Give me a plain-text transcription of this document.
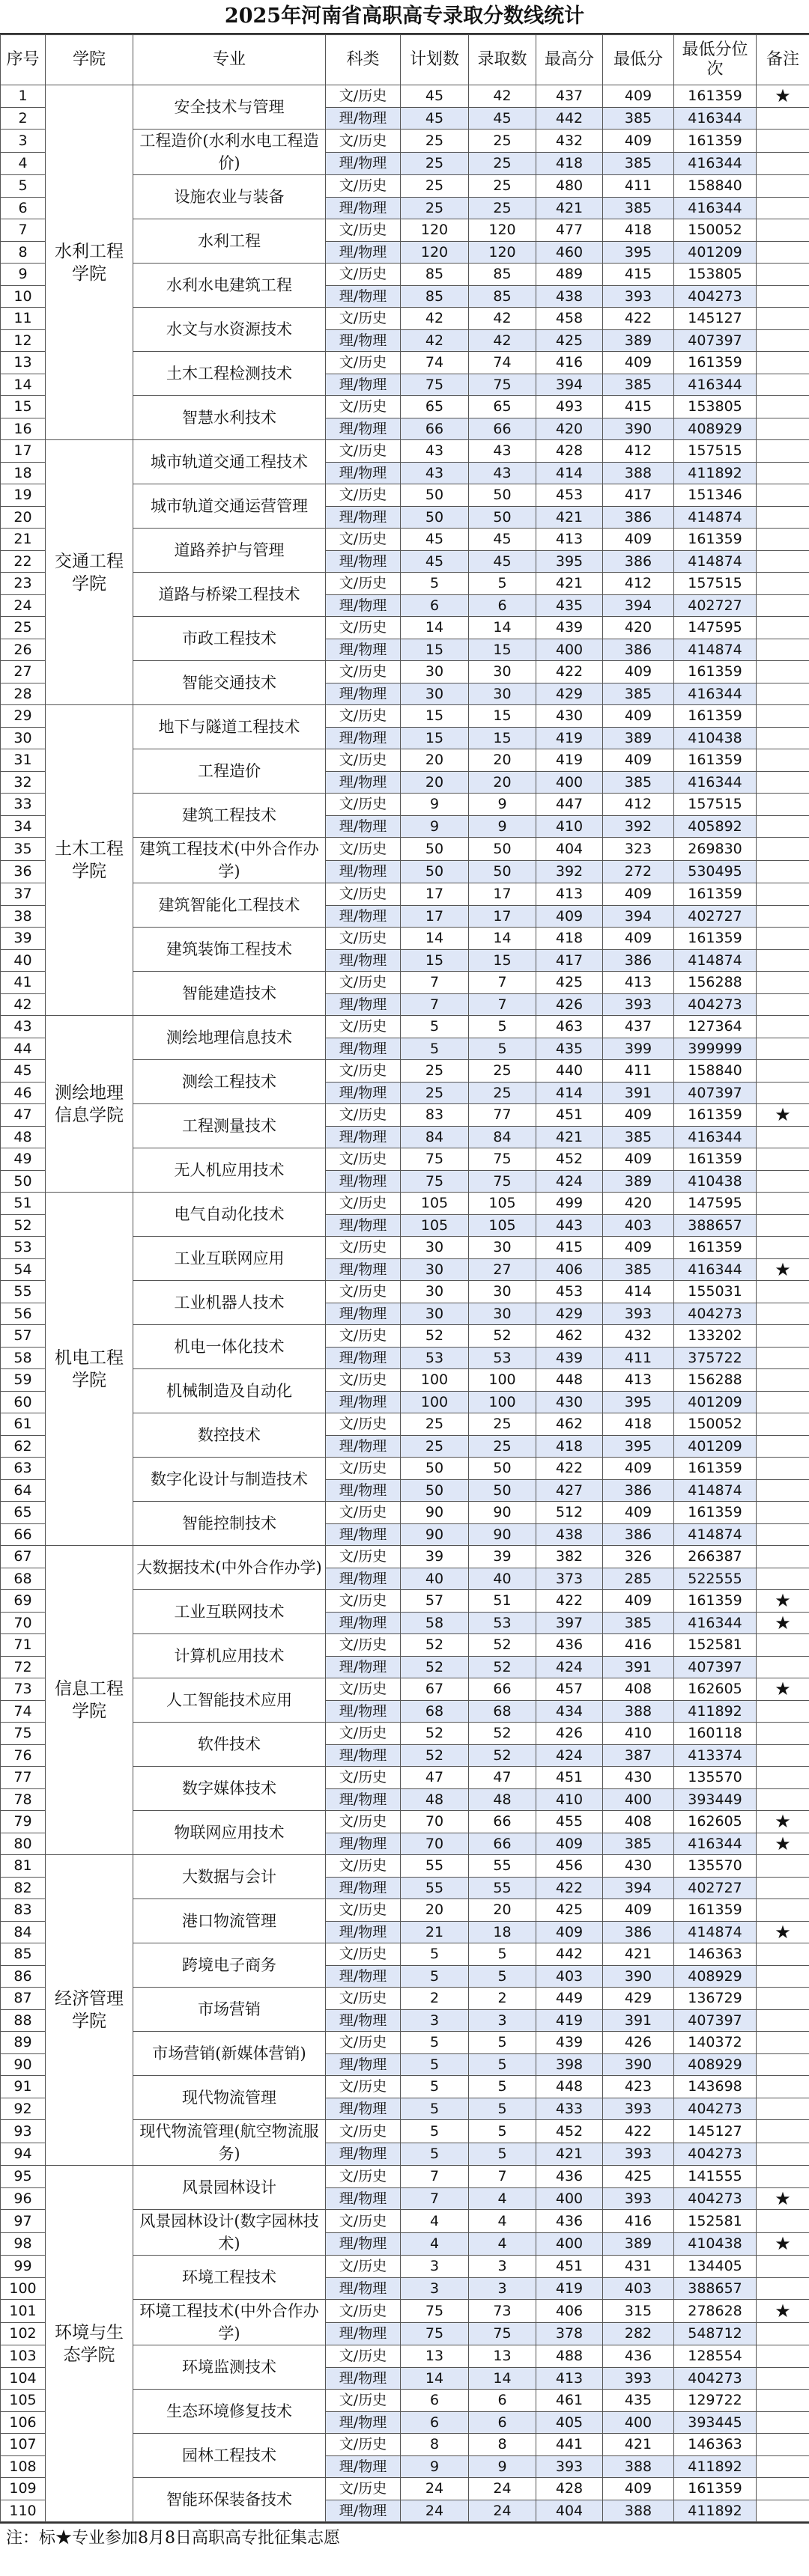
2025年河南省高职高专录取分数线统计
序号	学院	专业	科类	计划数	录取数	最高分	最低分	最低分位次	备注
1	水利工程学院	安全技术与管理	文/历史	45	42	437	409	161359	★
2			理/物理	45	45	442	385	416344	
3		工程造价(水利水电工程造价)	文/历史	25	25	432	409	161359	
4			理/物理	25	25	418	385	416344	
5		设施农业与装备	文/历史	25	25	480	411	158840	
6			理/物理	25	25	421	385	416344	
7		水利工程	文/历史	120	120	477	418	150052	
8			理/物理	120	120	460	395	401209	
9		水利水电建筑工程	文/历史	85	85	489	415	153805	
10			理/物理	85	85	438	393	404273	
11		水文与水资源技术	文/历史	42	42	458	422	145127	
12			理/物理	42	42	425	389	407397	
13		土木工程检测技术	文/历史	74	74	416	409	161359	
14			理/物理	75	75	394	385	416344	
15		智慧水利技术	文/历史	65	65	493	415	153805	
16			理/物理	66	66	420	390	408929	
17	交通工程学院	城市轨道交通工程技术	文/历史	43	43	428	412	157515	
18			理/物理	43	43	414	388	411892	
19		城市轨道交通运营管理	文/历史	50	50	453	417	151346	
20			理/物理	50	50	421	386	414874	
21		道路养护与管理	文/历史	45	45	413	409	161359	
22			理/物理	45	45	395	386	414874	
23		道路与桥梁工程技术	文/历史	5	5	421	412	157515	
24			理/物理	6	6	435	394	402727	
25		市政工程技术	文/历史	14	14	439	420	147595	
26			理/物理	15	15	400	386	414874	
27		智能交通技术	文/历史	30	30	422	409	161359	
28			理/物理	30	30	429	385	416344	
29	土木工程学院	地下与隧道工程技术	文/历史	15	15	430	409	161359	
30			理/物理	15	15	419	389	410438	
31		工程造价	文/历史	20	20	419	409	161359	
32			理/物理	20	20	400	385	416344	
33		建筑工程技术	文/历史	9	9	447	412	157515	
34			理/物理	9	9	410	392	405892	
35		建筑工程技术(中外合作办学)	文/历史	50	50	404	323	269830	
36			理/物理	50	50	392	272	530495	
37		建筑智能化工程技术	文/历史	17	17	413	409	161359	
38			理/物理	17	17	409	394	402727	
39		建筑装饰工程技术	文/历史	14	14	418	409	161359	
40			理/物理	15	15	417	386	414874	
41		智能建造技术	文/历史	7	7	425	413	156288	
42			理/物理	7	7	426	393	404273	
43	测绘地理信息学院	测绘地理信息技术	文/历史	5	5	463	437	127364	
44			理/物理	5	5	435	399	399999	
45		测绘工程技术	文/历史	25	25	440	411	158840	
46			理/物理	25	25	414	391	407397	
47		工程测量技术	文/历史	83	77	451	409	161359	★
48			理/物理	84	84	421	385	416344	
49		无人机应用技术	文/历史	75	75	452	409	161359	
50			理/物理	75	75	424	389	410438	
51	机电工程学院	电气自动化技术	文/历史	105	105	499	420	147595	
52			理/物理	105	105	443	403	388657	
53		工业互联网应用	文/历史	30	30	415	409	161359	
54			理/物理	30	27	406	385	416344	★
55		工业机器人技术	文/历史	30	30	453	414	155031	
56			理/物理	30	30	429	393	404273	
57		机电一体化技术	文/历史	52	52	462	432	133202	
58			理/物理	53	53	439	411	375722	
59		机械制造及自动化	文/历史	100	100	448	413	156288	
60			理/物理	100	100	430	395	401209	
61		数控技术	文/历史	25	25	462	418	150052	
62			理/物理	25	25	418	395	401209	
63		数字化设计与制造技术	文/历史	50	50	422	409	161359	
64			理/物理	50	50	427	386	414874	
65		智能控制技术	文/历史	90	90	512	409	161359	
66			理/物理	90	90	438	386	414874	
67	信息工程学院	大数据技术(中外合作办学)	文/历史	39	39	382	326	266387	
68			理/物理	40	40	373	285	522555	
69		工业互联网技术	文/历史	57	51	422	409	161359	★
70			理/物理	58	53	397	385	416344	★
71		计算机应用技术	文/历史	52	52	436	416	152581	
72			理/物理	52	52	424	391	407397	
73		人工智能技术应用	文/历史	67	66	457	408	162605	★
74			理/物理	68	68	434	388	411892	
75		软件技术	文/历史	52	52	426	410	160118	
76			理/物理	52	52	424	387	413374	
77		数字媒体技术	文/历史	47	47	451	430	135570	
78			理/物理	48	48	410	400	393449	
79		物联网应用技术	文/历史	70	66	455	408	162605	★
80			理/物理	70	66	409	385	416344	★
81	经济管理学院	大数据与会计	文/历史	55	55	456	430	135570	
82			理/物理	55	55	422	394	402727	
83		港口物流管理	文/历史	20	20	425	409	161359	
84			理/物理	21	18	409	386	414874	★
85		跨境电子商务	文/历史	5	5	442	421	146363	
86			理/物理	5	5	403	390	408929	
87		市场营销	文/历史	2	2	449	429	136729	
88			理/物理	3	3	419	391	407397	
89		市场营销(新媒体营销)	文/历史	5	5	439	426	140372	
90			理/物理	5	5	398	390	408929	
91		现代物流管理	文/历史	5	5	448	423	143698	
92			理/物理	5	5	433	393	404273	
93		现代物流管理(航空物流服务)	文/历史	5	5	452	422	145127	
94			理/物理	5	5	421	393	404273	
95	环境与生态学院	风景园林设计	文/历史	7	7	436	425	141555	
96			理/物理	7	4	400	393	404273	★
97		风景园林设计(数字园林技术)	文/历史	4	4	436	416	152581	
98			理/物理	4	4	400	389	410438	★
99		环境工程技术	文/历史	3	3	451	431	134405	
100			理/物理	3	3	419	403	388657	
101		环境工程技术(中外合作办学)	文/历史	75	73	406	315	278628	★
102			理/物理	75	75	378	282	548712	
103		环境监测技术	文/历史	13	13	488	436	128554	
104			理/物理	14	14	413	393	404273	
105		生态环境修复技术	文/历史	6	6	461	435	129722	
106			理/物理	6	6	405	400	393445	
107		园林工程技术	文/历史	8	8	441	421	146363	
108			理/物理	9	9	393	388	411892	
109		智能环保装备技术	文/历史	24	24	428	409	161359	
110			理/物理	24	24	404	388	411892	
注：标★专业参加8月8日高职高专批征集志愿
